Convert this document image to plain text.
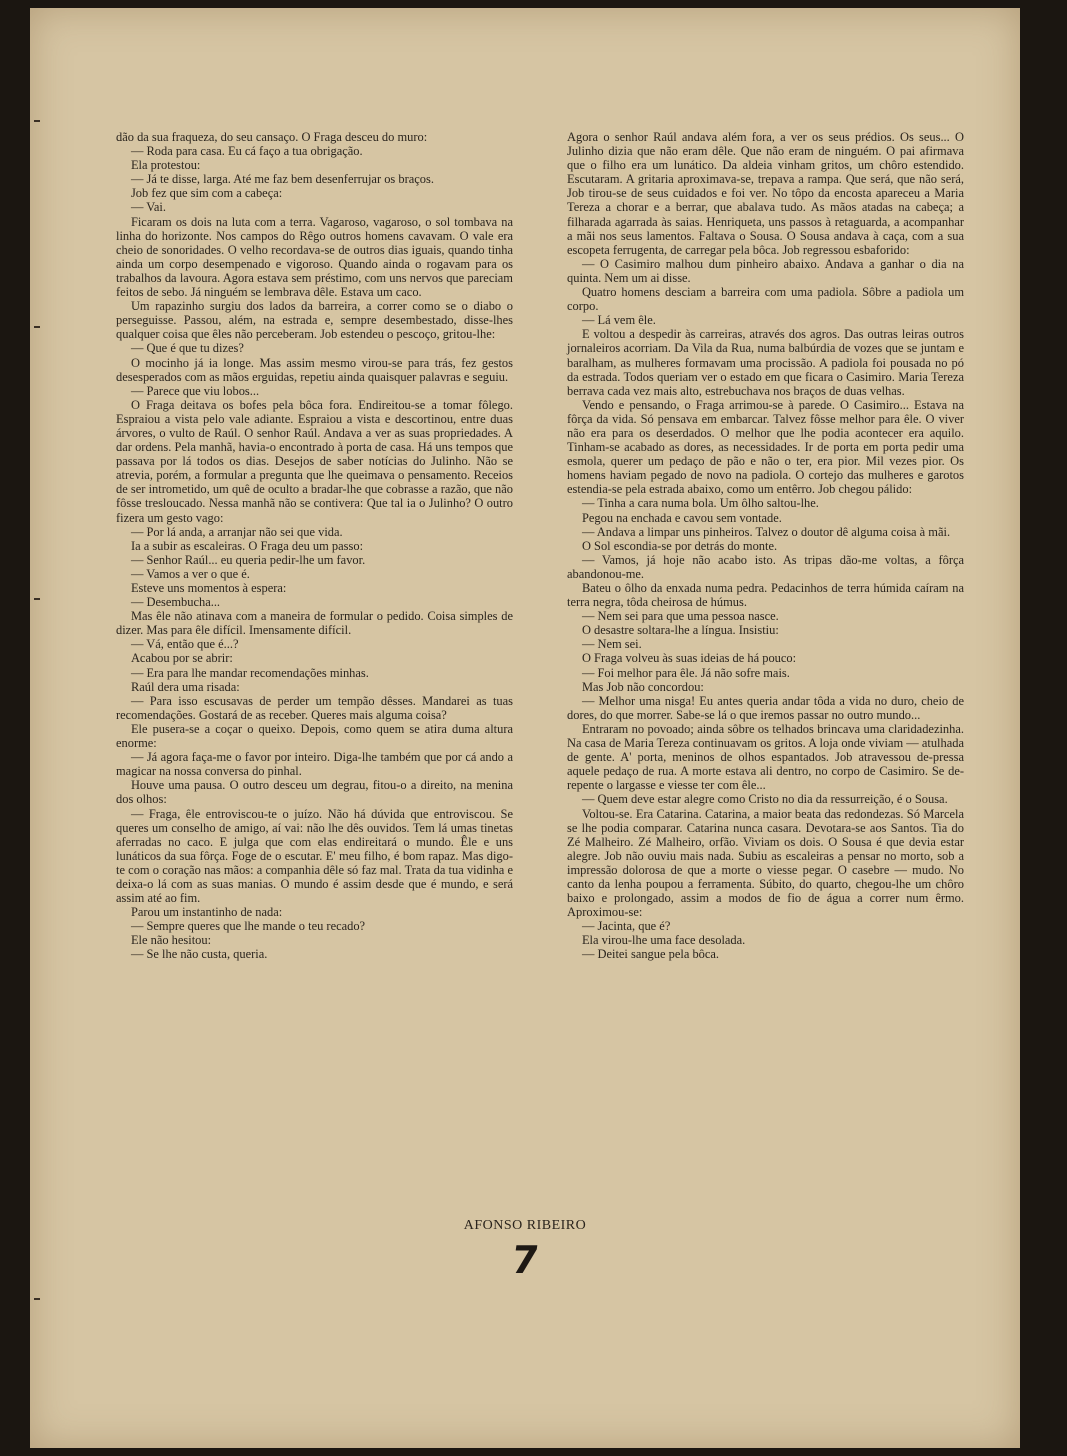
dão da sua fraqueza, do seu cansaço. O Fraga desceu do muro:

— Roda para casa. Eu cá faço a tua obrigação.

Ela protestou:

— Já te disse, larga. Até me faz bem desenferrujar os braços.

Job fez que sim com a cabeça:

— Vai.

Ficaram os dois na luta com a terra. Vagaroso, vagaroso, o sol tombava na linha do horizonte. Nos campos do Rêgo outros homens cavavam. O vale era cheio de sonoridades. O velho recordava-se de outros dias iguais, quando tinha ainda um corpo desempenado e vigoroso. Quando ainda o rogavam para os trabalhos da lavoura. Agora estava sem préstimo, com uns nervos que pareciam feitos de sebo. Já ninguém se lembrava dêle. Estava um caco.

Um rapazinho surgiu dos lados da barreira, a correr como se o diabo o perseguisse. Passou, além, na estrada e, sempre desembestado, disse-lhes qualquer coisa que êles não perceberam. Job estendeu o pescoço, gritou-lhe:

— Que é que tu dizes?

O mocinho já ia longe. Mas assim mesmo virou-se para trás, fez gestos desesperados com as mãos erguidas, repetiu ainda quaisquer palavras e seguiu.

— Parece que viu lobos...

O Fraga deitava os bofes pela bôca fora. Endireitou-se a tomar fôlego. Espraiou a vista pelo vale adiante. Espraiou a vista e descortinou, entre duas árvores, o vulto de Raúl. O senhor Raúl. Andava a ver as suas propriedades. A dar ordens. Pela manhã, havia-o encontrado à porta de casa. Há uns tempos que passava por lá todos os dias. Desejos de saber notícias do Julinho. Não se atrevia, porém, a formular a pregunta que lhe queimava o pensamento. Receios de ser intrometido, um quê de oculto a bradar-lhe que cobrasse a razão, que não fôsse tresloucado. Nessa manhã não se contivera: Que tal ia o Julinho? O outro fizera um gesto vago:

— Por lá anda, a arranjar não sei que vida.

Ia a subir as escaleiras. O Fraga deu um passo:

— Senhor Raúl... eu queria pedir-lhe um favor.

— Vamos a ver o que é.

Esteve uns momentos à espera:

— Desembucha...

Mas êle não atinava com a maneira de formular o pedido. Coisa simples de dizer. Mas para êle difícil. Imensamente difícil.

— Vá, então que é...?

Acabou por se abrir:

— Era para lhe mandar recomendações minhas.

Raúl dera uma risada:

— Para isso escusavas de perder um tempão dêsses. Mandarei as tuas recomendações. Gostará de as receber. Queres mais alguma coisa?

Ele pusera-se a coçar o queixo. Depois, como quem se atira duma altura enorme:

— Já agora faça-me o favor por inteiro. Diga-lhe também que por cá ando a magicar na nossa conversa do pinhal.

Houve uma pausa. O outro desceu um degrau, fitou-o a direito, na menina dos olhos:

— Fraga, êle entroviscou-te o juízo. Não há dúvida que entroviscou. Se queres um conselho de amigo, aí vai: não lhe dês ouvidos. Tem lá umas tinetas aferradas no caco. E julga que com elas endireitará o mundo. Êle e uns lunáticos da sua fôrça. Foge de o escutar. E' meu filho, é bom rapaz. Mas digo-te com o coração nas mãos: a companhia dêle só faz mal. Trata da tua vidinha e deixa-o lá com as suas manias. O mundo é assim desde que é mundo, e será assim até ao fim.

Parou um instantinho de nada:

— Sempre queres que lhe mande o teu recado?

Ele não hesitou:

— Se lhe não custa, queria.

Agora o senhor Raúl andava além fora, a ver os seus prédios. Os seus... O Julinho dizia que não eram dêle. Que não eram de ninguém. O pai afirmava que o filho era um lunático. Da aldeia vinham gritos, um chôro estendido. Escutaram. A gritaria aproximava-se, trepava a rampa. Que será, que não será, Job tirou-se de seus cuidados e foi ver. No tôpo da encosta apareceu a Maria Tereza a chorar e a berrar, que abalava tudo. As mãos atadas na cabeça; a filharada agarrada às saias. Henriqueta, uns passos à retaguarda, a acompanhar a mãi nos seus lamentos. Faltava o Sousa. O Sousa andava à caça, com a sua escopeta ferrugenta, de carregar pela bôca. Job regressou esbaforido:

— O Casimiro malhou dum pinheiro abaixo. Andava a ganhar o dia na quinta. Nem um ai disse.

Quatro homens desciam a barreira com uma padiola. Sôbre a padiola um corpo.

— Lá vem êle.

E voltou a despedir às carreiras, através dos agros. Das outras leiras outros jornaleiros acorriam. Da Vila da Rua, numa balbúrdia de vozes que se juntam e baralham, as mulheres formavam uma procissão. A padiola foi pousada no pó da estrada. Todos queriam ver o estado em que ficara o Casimiro. Maria Tereza berrava cada vez mais alto, estrebuchava nos braços de duas velhas.

Vendo e pensando, o Fraga arrimou-se à parede. O Casimiro... Estava na fôrça da vida. Só pensava em embarcar. Talvez fôsse melhor para êle. O viver não era para os deserdados. O melhor que lhe podia acontecer era aquilo. Tinham-se acabado as dores, as necessidades. Ir de porta em porta pedir uma esmola, querer um pedaço de pão e não o ter, era pior. Mil vezes pior. Os homens haviam pegado de novo na padiola. O cortejo das mulheres e garotos estendia-se pela estrada abaixo, como um entêrro. Job chegou pálido:

— Tinha a cara numa bola. Um ôlho saltou-lhe.

Pegou na enchada e cavou sem vontade.

— Andava a limpar uns pinheiros. Talvez o doutor dê alguma coisa à mãi.

O Sol escondia-se por detrás do monte.

— Vamos, já hoje não acabo isto. As tripas dão-me voltas, a fôrça abandonou-me.

Bateu o ôlho da enxada numa pedra. Pedacinhos de terra húmida caíram na terra negra, tôda cheirosa de húmus.

— Nem sei para que uma pessoa nasce.

O desastre soltara-lhe a língua. Insistiu:

— Nem sei.

O Fraga volveu às suas ideias de há pouco:

— Foi melhor para êle. Já não sofre mais.

Mas Job não concordou:

— Melhor uma nisga! Eu antes queria andar tôda a vida no duro, cheio de dores, do que morrer. Sabe-se lá o que iremos passar no outro mundo...

Entraram no povoado; ainda sôbre os telhados brincava uma claridadezinha. Na casa de Maria Tereza continuavam os gritos. A loja onde viviam — atulhada de gente. A' porta, meninos de olhos espantados. Job atravessou de-pressa aquele pedaço de rua. A morte estava ali dentro, no corpo de Casimiro. Se de-repente o largasse e viesse ter com êle...

— Quem deve estar alegre como Cristo no dia da ressurreição, é o Sousa.

Voltou-se. Era Catarina. Catarina, a maior beata das redondezas. Só Marcela se lhe podia comparar. Catarina nunca casara. Devotara-se aos Santos. Tia do Zé Malheiro. Zé Malheiro, orfão. Viviam os dois. O Sousa é que devia estar alegre. Job não ouviu mais nada. Subiu as escaleiras a pensar no morto, sob a impressão dolorosa de que a morte o viesse pegar. O casebre — mudo. No canto da lenha poupou a ferramenta. Súbito, do quarto, chegou-lhe um chôro baixo e prolongado, assim a modos de fio de água a correr num êrmo. Aproximou-se:

— Jacinta, que é?

Ela virou-lhe uma face desolada.

— Deitei sangue pela bôca.

AFONSO RIBEIRO
7
